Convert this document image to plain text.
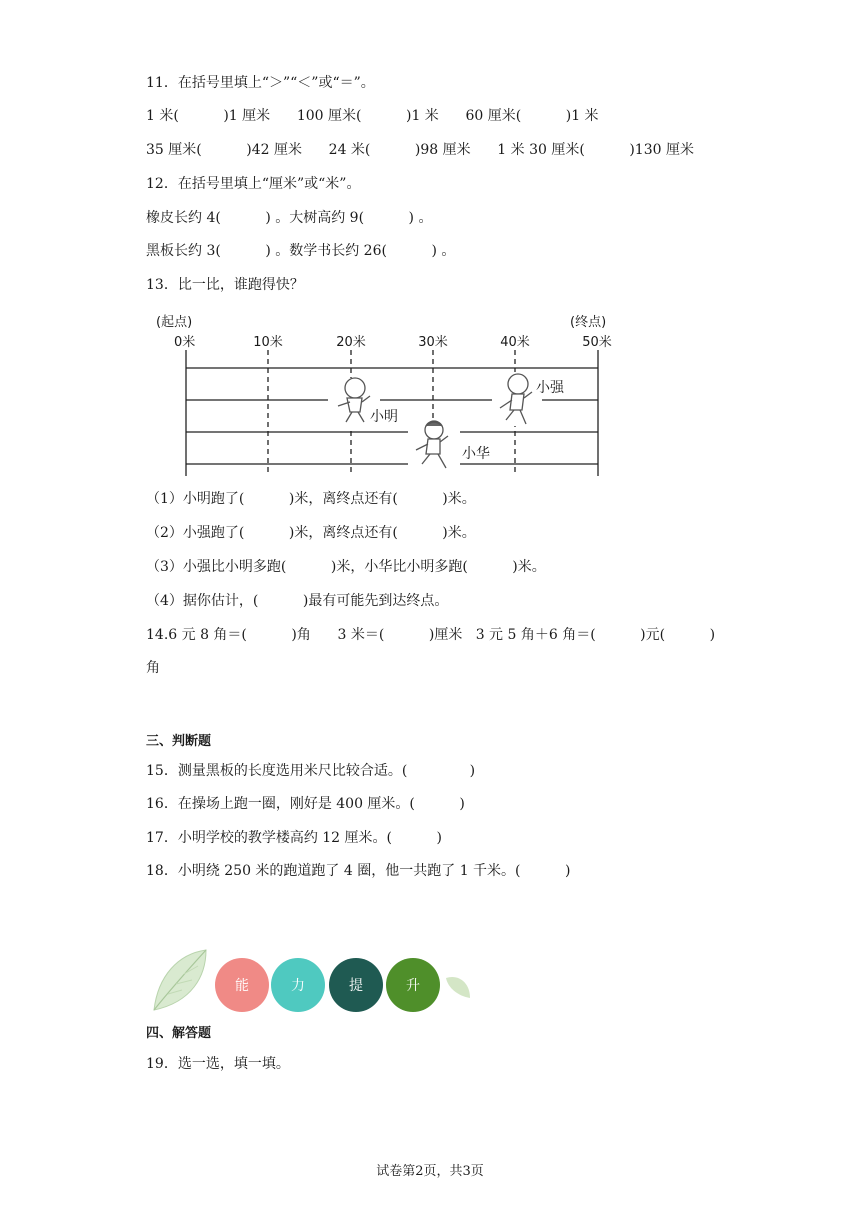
11．在括号里填上“＞”“＜”或“＝”。
1 米(          )1 厘米      100 厘米(          )1 米      60 厘米(          )1 米
35 厘米(          )42 厘米      24 米(          )98 厘米      1 米 30 厘米(          )130 厘米
12．在括号里填上“厘米”或“米”。
橡皮长约 4(          ) 。大树高约 9(          ) 。
黑板长约 3(          ) 。数学书长约 26(          ) 。
13．比一比，谁跑得快？
(起点)	(终点)
0米	10米	20米	30米	40米	50米
小明
小强
小华
（1）小明跑了(          )米，离终点还有(          )米。
（2）小强跑了(          )米，离终点还有(          )米。
（3）小强比小明多跑(          )米，小华比小明多跑(          )米。
（4）据你估计，(          )最有可能先到达终点。
14.6 元 8 角＝(          )角      3 米＝(          )厘米   3 元 5 角＋6 角＝(          )元(          )
角
三、判断题
15．测量黑板的长度选用米尺比较合适。(              )
16．在操场上跑一圈，刚好是 400 厘米。(          )
17．小明学校的教学楼高约 12 厘米。(          )
18．小明绕 250 米的跑道跑了 4 圈，他一共跑了 1 千米。(          )
能	力	提	升
四、解答题
19．选一选，填一填。
试卷第2页，共3页
